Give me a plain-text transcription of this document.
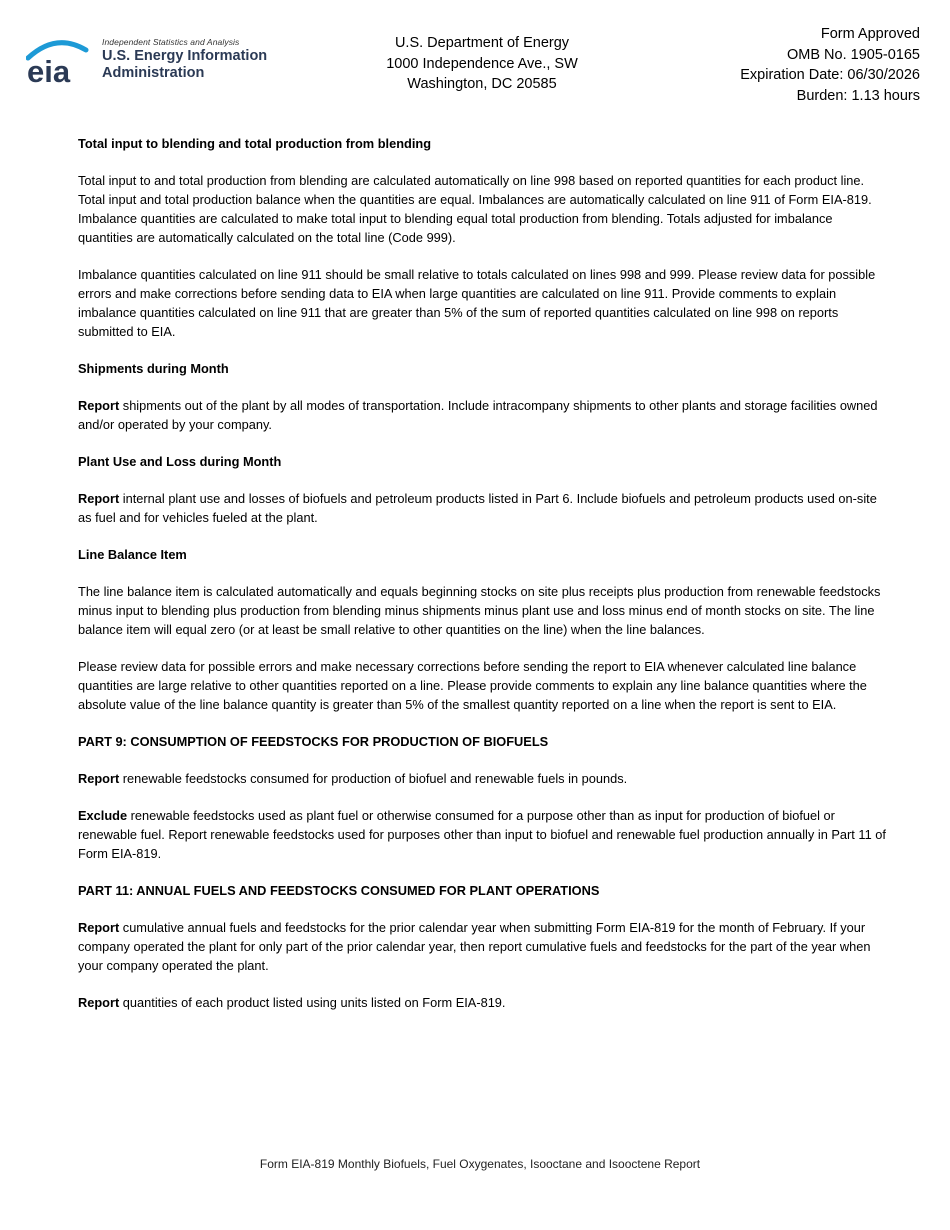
eia
Independent Statistics and Analysis
U.S. Energy Information
Administration
U.S. Department of Energy
1000 Independence Ave., SW
Washington, DC 20585
Form Approved
OMB No. 1905-0165
Expiration Date: 06/30/2026
Burden: 1.13 hours
Total input to blending and total production from blending

Total input to and total production from blending are calculated automatically on line 998 based on reported quantities for each product line. Total input and total production balance when the quantities are equal. Imbalances are automatically calculated on line 911 of Form EIA-819. Imbalance quantities are calculated to make total input to blending equal total production from blending. Totals adjusted for imbalance quantities are automatically calculated on the total line (Code 999).

Imbalance quantities calculated on line 911 should be small relative to totals calculated on lines 998 and 999. Please review data for possible errors and make corrections before sending data to EIA when large quantities are calculated on line 911. Provide comments to explain imbalance quantities calculated on line 911 that are greater than 5% of the sum of reported quantities calculated on line 998 on reports submitted to EIA.

Shipments during Month

Report shipments out of the plant by all modes of transportation. Include intracompany shipments to other plants and storage facilities owned and/or operated by your company.

Plant Use and Loss during Month

Report internal plant use and losses of biofuels and petroleum products listed in Part 6. Include biofuels and petroleum products used on-site as fuel and for vehicles fueled at the plant.

Line Balance Item

The line balance item is calculated automatically and equals beginning stocks on site plus receipts plus production from renewable feedstocks minus input to blending plus production from blending minus shipments minus plant use and loss minus end of month stocks on site. The line balance item will equal zero (or at least be small relative to other quantities on the line) when the line balances.

Please review data for possible errors and make necessary corrections before sending the report to EIA whenever calculated line balance quantities are large relative to other quantities reported on a line. Please provide comments to explain any line balance quantities where the absolute value of the line balance quantity is greater than 5% of the smallest quantity reported on a line when the report is sent to EIA.

PART 9: CONSUMPTION OF FEEDSTOCKS FOR PRODUCTION OF BIOFUELS

Report renewable feedstocks consumed for production of biofuel and renewable fuels in pounds.

Exclude renewable feedstocks used as plant fuel or otherwise consumed for a purpose other than as input for production of biofuel or renewable fuel. Report renewable feedstocks used for purposes other than input to biofuel and renewable fuel production annually in Part 11 of Form EIA-819.

PART 11: ANNUAL FUELS AND FEEDSTOCKS CONSUMED FOR PLANT OPERATIONS

Report cumulative annual fuels and feedstocks for the prior calendar year when submitting Form EIA-819 for the month of February. If your company operated the plant for only part of the prior calendar year, then report cumulative fuels and feedstocks for the part of the year when your company operated the plant.

Report quantities of each product listed using units listed on Form EIA-819.

Form EIA-819 Monthly Biofuels, Fuel Oxygenates, Isooctane and Isooctene Report
